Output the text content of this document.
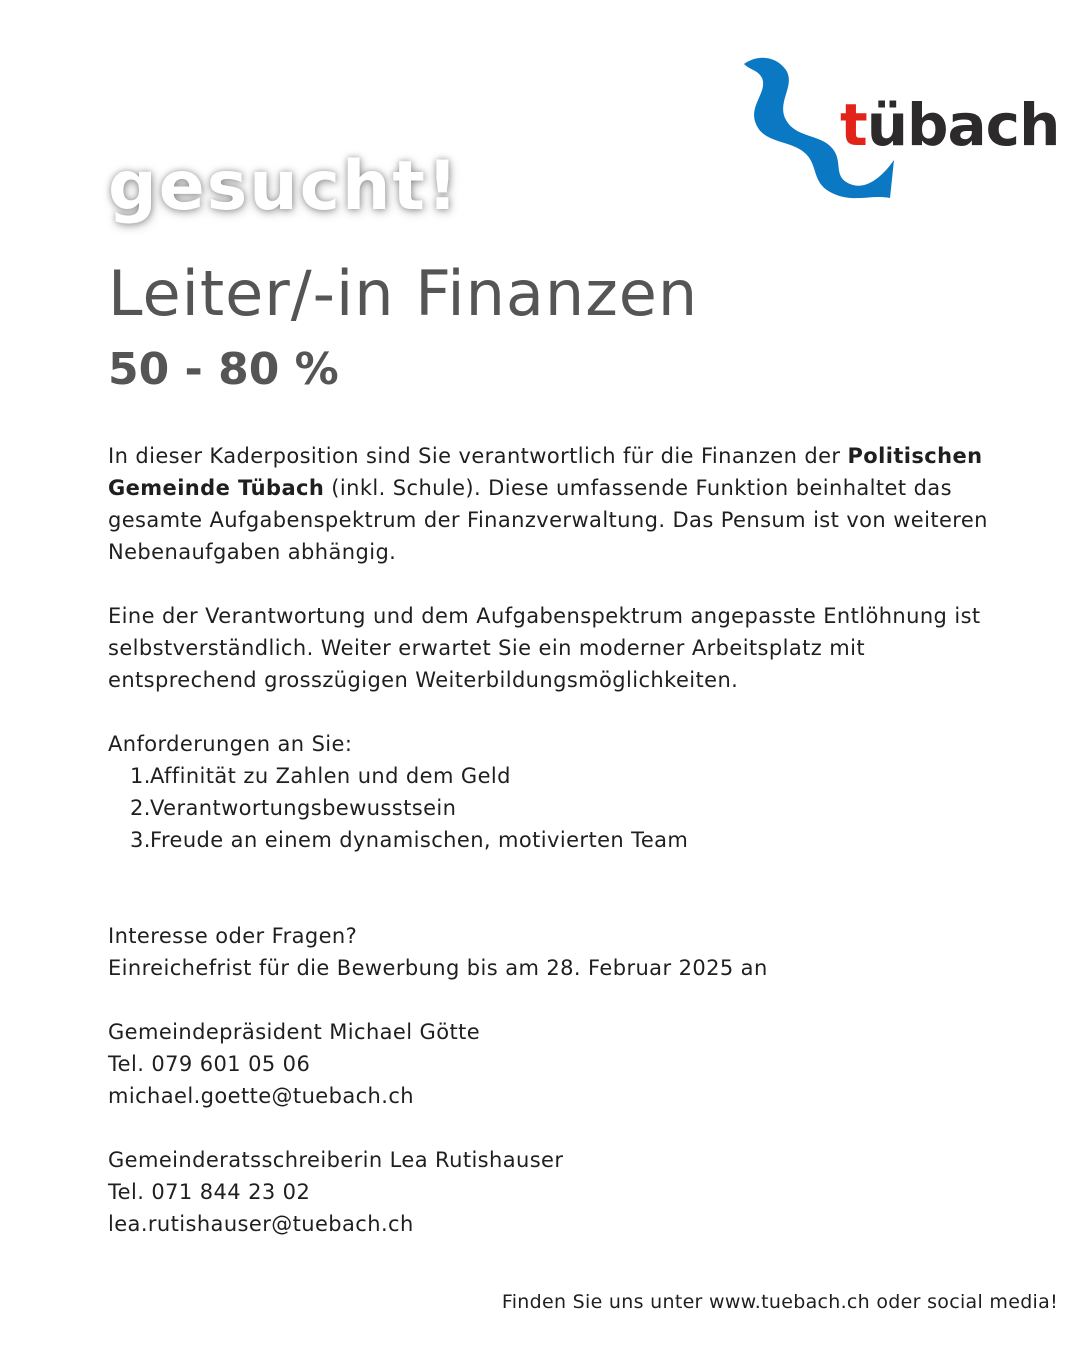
tübach
gesucht!
Leiter/-in Finanzen
50 - 80 %

In dieser Kaderposition sind Sie verantwortlich für die Finanzen der Politischen Gemeinde Tübach (inkl. Schule). Diese umfassende Funktion beinhaltet das gesamte Aufgabenspektrum der Finanzverwaltung. Das Pensum ist von weiteren Nebenaufgaben abhängig.

Eine der Verantwortung und dem Aufgabenspektrum angepasste Entlöhnung ist selbstverständlich. Weiter erwartet Sie ein moderner Arbeitsplatz mit entsprechend grosszügigen Weiterbildungsmöglichkeiten.

Anforderungen an Sie:

1.Affinität zu Zahlen und dem Geld
2.Verantwortungsbewusstsein
3.Freude an einem dynamischen, motivierten Team

Interesse oder Fragen?

Einreichefrist für die Bewerbung bis am 28. Februar 2025 an

Gemeindepräsident Michael Götte

Tel. 079 601 05 06

michael.goette@tuebach.ch

Gemeinderatsschreiberin Lea Rutishauser

Tel. 071 844 23 02

lea.rutishauser@tuebach.ch

Finden Sie uns unter www.tuebach.ch oder social media!
